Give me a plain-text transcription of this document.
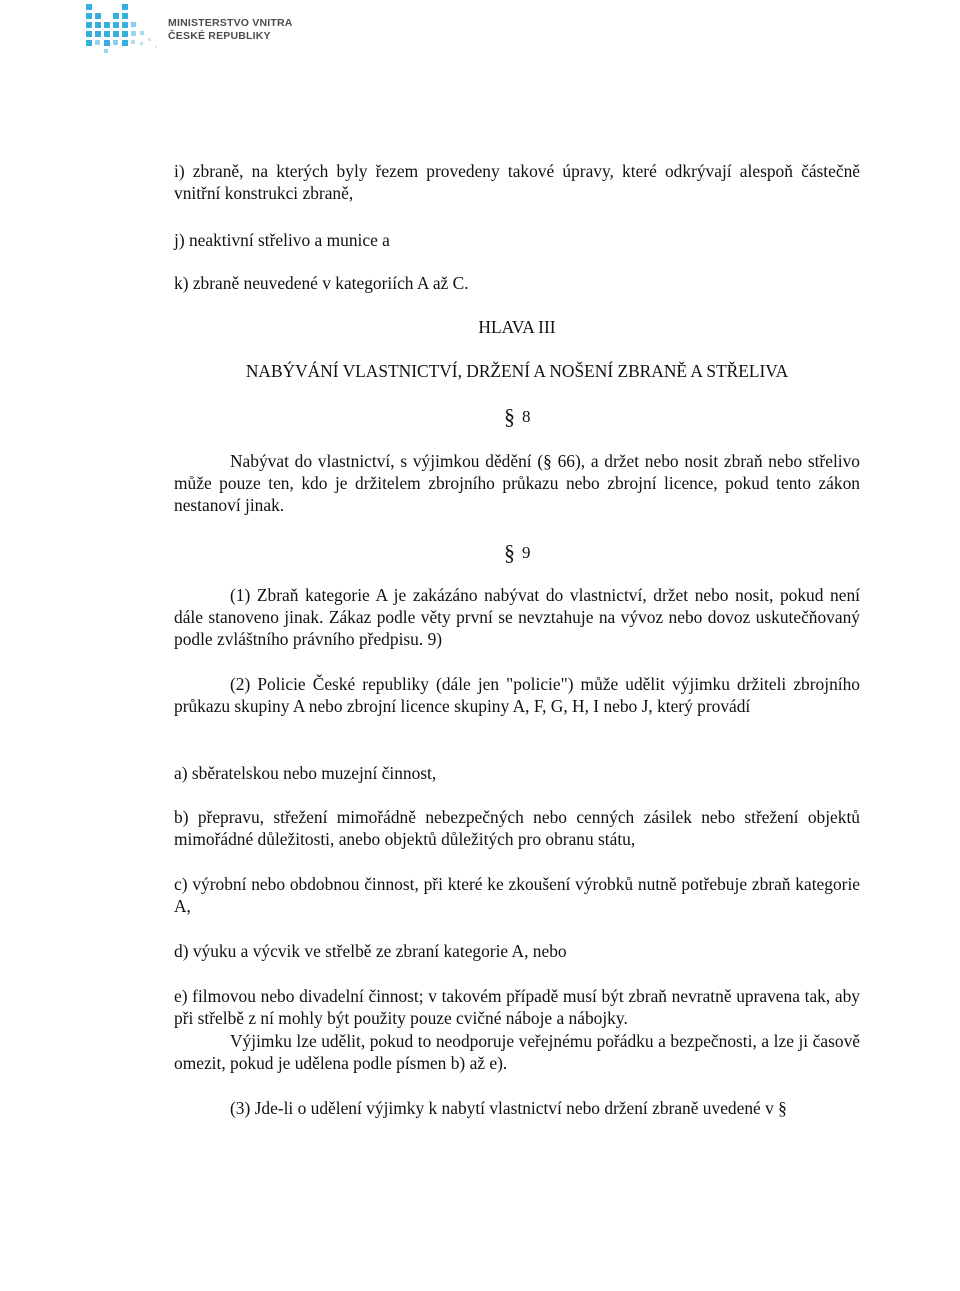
MINISTERSTVO VNITRA
ČESKÉ REPUBLIKY
i) zbraně, na kterých byly řezem provedeny takové úpravy, které odkrývají alespoň částečně vnitřní konstrukci zbraně,
j) neaktivní střelivo a munice a
k) zbraně neuvedené v kategoriích A až C.
HLAVA III
NABÝVÁNÍ VLASTNICTVÍ, DRŽENÍ A NOŠENÍ ZBRANĚ A STŘELIVA
§ 8
Nabývat do vlastnictví, s výjimkou dědění (§ 66), a držet nebo nosit zbraň nebo střelivo může pouze ten, kdo je držitelem zbrojního průkazu nebo zbrojní licence, pokud tento zákon nestanoví jinak.
§ 9
(1) Zbraň kategorie A je zakázáno nabývat do vlastnictví, držet nebo nosit, pokud není dále stanoveno jinak. Zákaz podle věty první se nevztahuje na vývoz nebo dovoz uskutečňovaný podle zvláštního právního předpisu. 9)
(2) Policie České republiky (dále jen "policie") může udělit výjimku držiteli zbrojního průkazu skupiny A nebo zbrojní licence skupiny A, F, G, H, I nebo J, který provádí
a) sběratelskou nebo muzejní činnost,
b) přepravu, střežení mimořádně nebezpečných nebo cenných zásilek nebo střežení objektů mimořádné důležitosti, anebo objektů důležitých pro obranu státu,
c) výrobní nebo obdobnou činnost, při které ke zkoušení výrobků nutně potřebuje zbraň kategorie A,
d) výuku a výcvik ve střelbě ze zbraní kategorie A, nebo
e) filmovou nebo divadelní činnost; v takovém případě musí být zbraň nevratně upravena tak, aby při střelbě z ní mohly být použity pouze cvičné náboje a nábojky.
Výjimku lze udělit, pokud to neodporuje veřejnému pořádku a bezpečnosti, a lze ji časově omezit, pokud je udělena podle písmen b) až e).
(3) Jde-li o udělení výjimky k nabytí vlastnictví nebo držení zbraně uvedené v §
